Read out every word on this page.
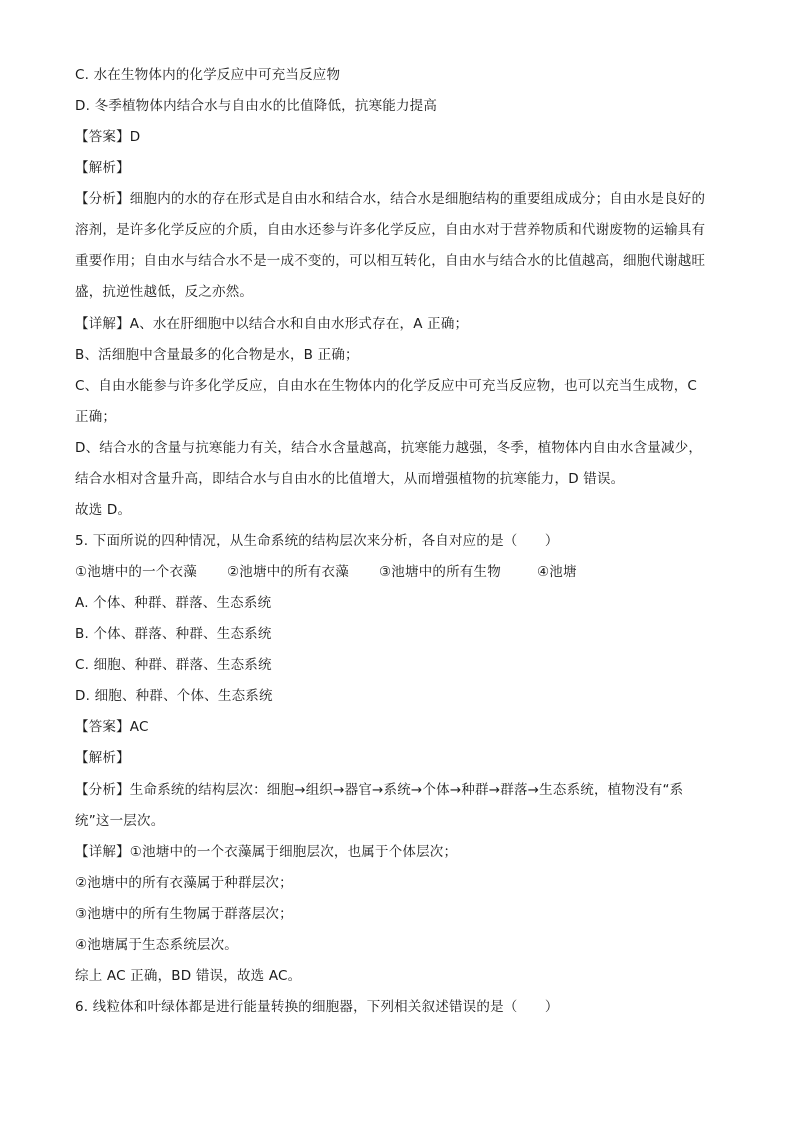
C. 水在生物体内的化学反应中可充当反应物
D. 冬季植物体内结合水与自由水的比值降低，抗寒能力提高
【答案】D
【解析】
【分析】细胞内的水的存在形式是自由水和结合水，结合水是细胞结构的重要组成成分；自由水是良好的
溶剂，是许多化学反应的介质，自由水还参与许多化学反应，自由水对于营养物质和代谢废物的运输具有
重要作用；自由水与结合水不是一成不变的，可以相互转化，自由水与结合水的比值越高，细胞代谢越旺
盛，抗逆性越低，反之亦然。
【详解】A、水在肝细胞中以结合水和自由水形式存在，A 正确；
B、活细胞中含量最多的化合物是水，B 正确；
C、自由水能参与许多化学反应，自由水在生物体内的化学反应中可充当反应物，也可以充当生成物，C
正确；
D、结合水的含量与抗寒能力有关，结合水含量越高，抗寒能力越强，冬季，植物体内自由水含量减少，
结合水相对含量升高，即结合水与自由水的比值增大，从而增强植物的抗寒能力，D 错误。
故选 D。
5. 下面所说的四种情况，从生命系统的结构层次来分析，各自对应的是（　　）
①池塘中的一个衣藻 ②池塘中的所有衣藻 ③池塘中的所有生物	④池塘
A. 个体、种群、群落、生态系统
B. 个体、群落、种群、生态系统
C. 细胞、种群、群落、生态系统
D. 细胞、种群、个体、生态系统
【答案】AC
【解析】
【分析】生命系统的结构层次：细胞→组织→器官→系统→个体→种群→群落→生态系统，植物没有“系
统”这一层次。
【详解】①池塘中的一个衣藻属于细胞层次，也属于个体层次；
②池塘中的所有衣藻属于种群层次；
③池塘中的所有生物属于群落层次；
④池塘属于生态系统层次。
综上 AC 正确，BD 错误，故选 AC。
6. 线粒体和叶绿体都是进行能量转换的细胞器，下列相关叙述错误的是（　　）
